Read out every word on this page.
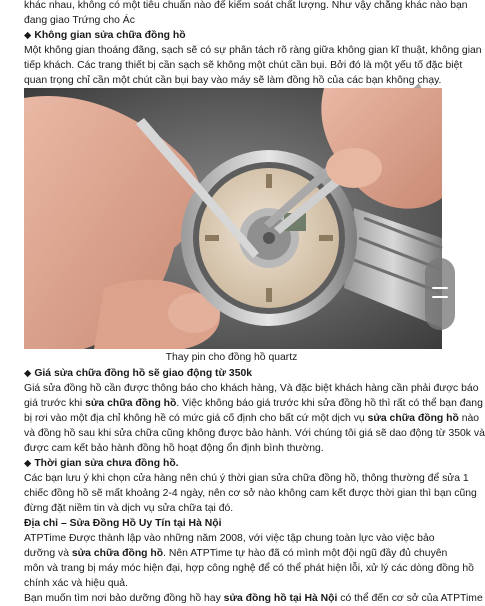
khác nhau, không có một tiêu chuẩn nào để kiểm soát chất lượng. Như vậy chẳng khác nào bạn
đang giao Trứng cho Ác
◆ Không gian sửa chữa đồng hồ
Một không gian thoáng đãng, sạch sẽ có sự phân tách rõ ràng giữa không gian kĩ thuật, không gian
tiếp khách. Các trang thiết bị cần sạch sẽ không một chút cần bụi. Bởi đó là một yếu tố đặc biệt
quan trọng chỉ cần một chút cần bụi bay vào máy sẽ làm đồng hồ của các bạn không chạy.
Thay pin cho đồng hồ quartz
◆ Giá sửa chữa đồng hồ sẽ giao động từ 350k
Giá sửa đồng hồ cần được thông báo cho khách hàng, Và đặc biệt khách hàng cần phải được báo
giá trước khi sửa chữa đồng hồ. Việc không báo giá trước khi sửa đồng hồ thì rất có thể bạn đang
bị rơi vào một địa chỉ không hề có mức giá cố định cho bất cứ một dịch vụ sửa chữa đồng hồ nào
và đồng hồ sau khi sửa chữa cũng không được bảo hành. Với chúng tôi giá sẽ dao động từ 350k và
được cam kết bảo hành đồng hồ hoạt động ổn định bình thường.
◆ Thời gian sửa chưa đồng hồ.
Các bạn lưu ý khi chọn cửa hàng nên chú ý thời gian sửa chữa đồng hồ, thông thường để sửa 1
chiếc đồng hồ sẽ mất khoảng 2-4 ngày, nên cơ sở nào không cam kết được thời gian thì bạn cũng
đừng đặt niềm tin và dịch vụ sửa chữa tại đó.
Địa chỉ – Sửa Đồng Hồ Uy Tín tại Hà Nội
ATPTime Được thành lập vào những năm 2008, với việc tập chung toàn lực vào việc bảo
dưỡng và sửa chữa đồng hồ. Nên ATPTime tự hào đã có mình một đội ngũ đầy đủ chuyên
môn và trang bị máy móc hiện đại, hợp công nghệ để có thể phát hiện lỗi, xử lý các dòng đồng hồ
chính xác và hiệu quả.
Bạn muốn tìm nơi bảo dưỡng đồng hồ hay sửa đồng hồ tại Hà Nội có thể đến cơ sở của ATPTime
